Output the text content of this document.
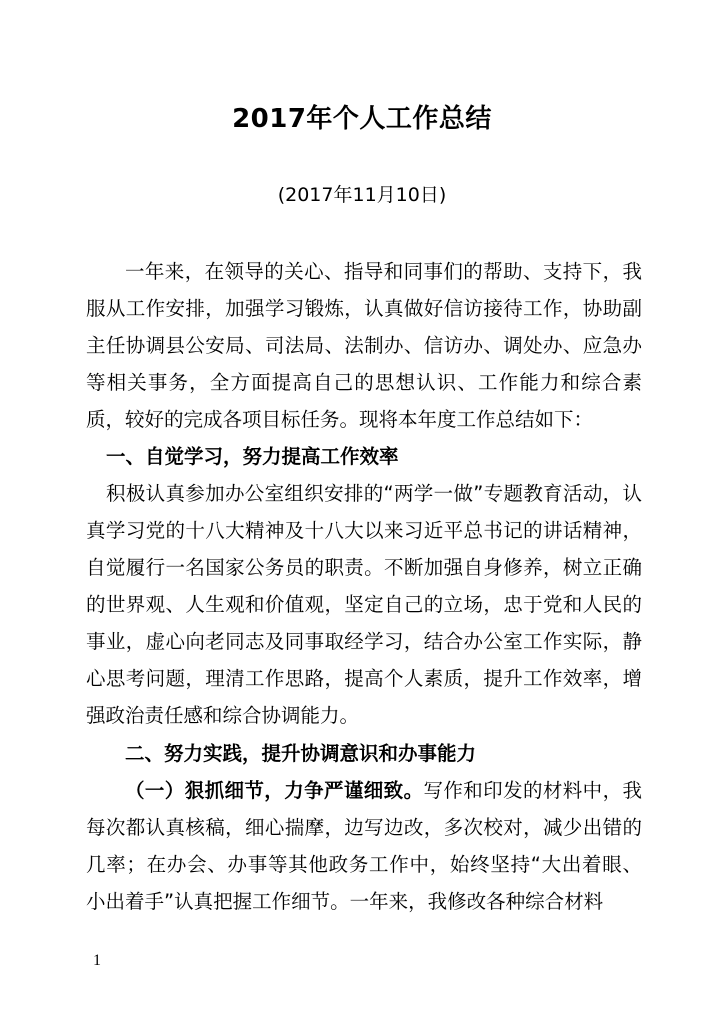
2017年个人工作总结
(2017年11月10日)

一年来，在领导的关心、指导和同事们的帮助、支持下，我服从工作安排，加强学习锻炼，认真做好信访接待工作，协助副主任协调县公安局、司法局、法制办、信访办、调处办、应急办等相关事务，全方面提高自己的思想认识、工作能力和综合素质，较好的完成各项目标任务。现将本年度工作总结如下：

一、自觉学习，努力提高工作效率

积极认真参加办公室组织安排的“两学一做”专题教育活动，认真学习党的十八大精神及十八大以来习近平总书记的讲话精神，自觉履行一名国家公务员的职责。不断加强自身修养，树立正确的世界观、人生观和价值观，坚定自己的立场，忠于党和人民的事业，虚心向老同志及同事取经学习，结合办公室工作实际，静心思考问题，理清工作思路，提高个人素质，提升工作效率，增强政治责任感和综合协调能力。

二、努力实践，提升协调意识和办事能力

（一）狠抓细节，力争严谨细致。写作和印发的材料中，我每次都认真核稿，细心揣摩，边写边改，多次校对，减少出错的几率；在办会、办事等其他政务工作中，始终坚持“大出着眼、小出着手”认真把握工作细节。一年来，我修改各种综合材料

1
